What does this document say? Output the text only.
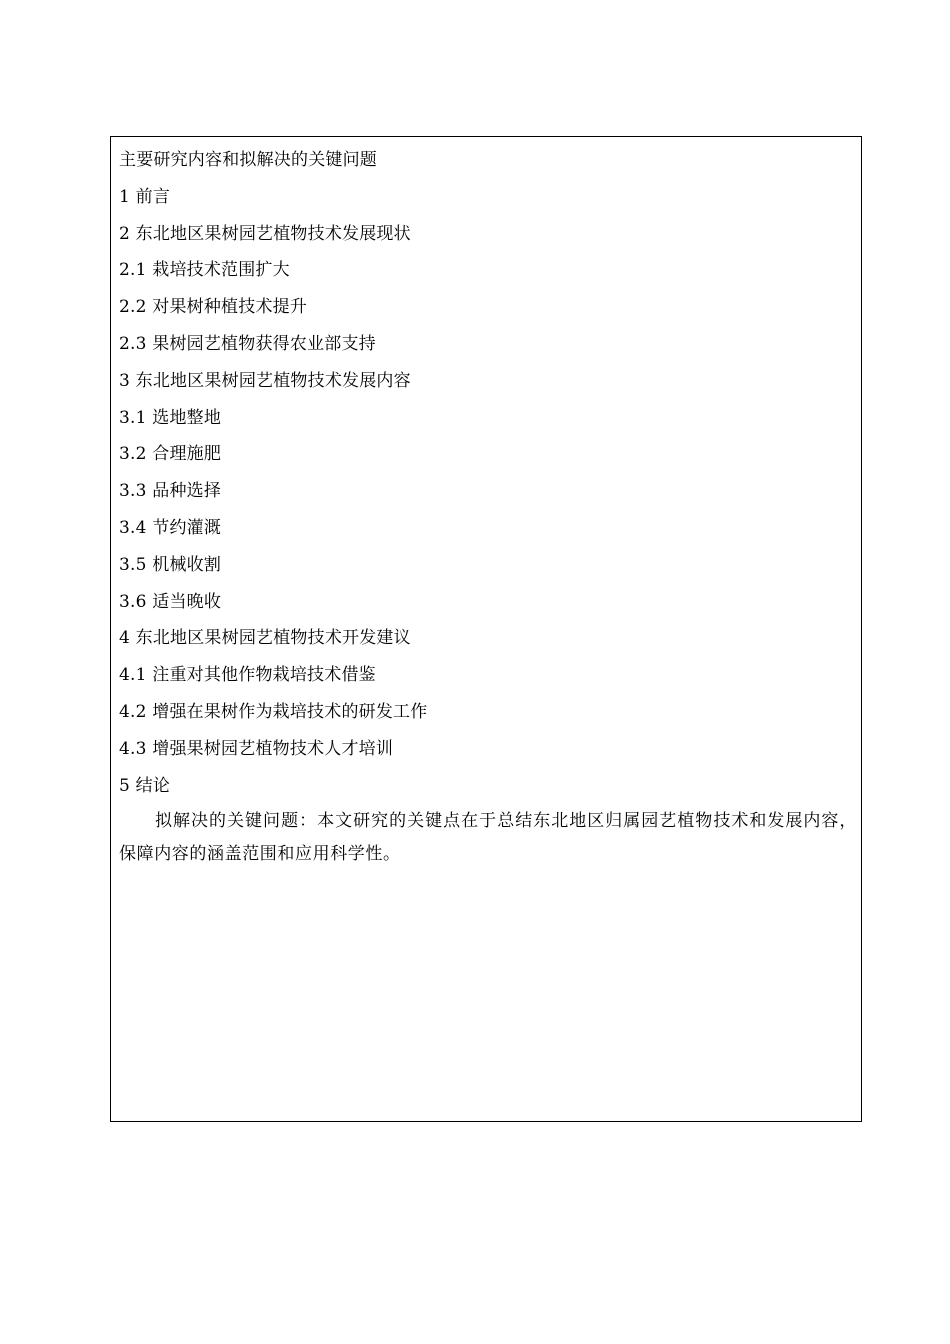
主要研究内容和拟解决的关键问题
1 前言
2 东北地区果树园艺植物技术发展现状
2.1 栽培技术范围扩大
2.2 对果树种植技术提升
2.3 果树园艺植物获得农业部支持
3 东北地区果树园艺植物技术发展内容
3.1 选地整地
3.2 合理施肥
3.3 品种选择
3.4 节约灌溉
3.5 机械收割
3.6 适当晚收
4 东北地区果树园艺植物技术开发建议
4.1 注重对其他作物栽培技术借鉴
4.2 增强在果树作为栽培技术的研发工作
4.3 增强果树园艺植物技术人才培训
5 结论
拟解决的关键问题：本文研究的关键点在于总结东北地区归属园艺植物技术和发展内容，保障内容的涵盖范围和应用科学性。
